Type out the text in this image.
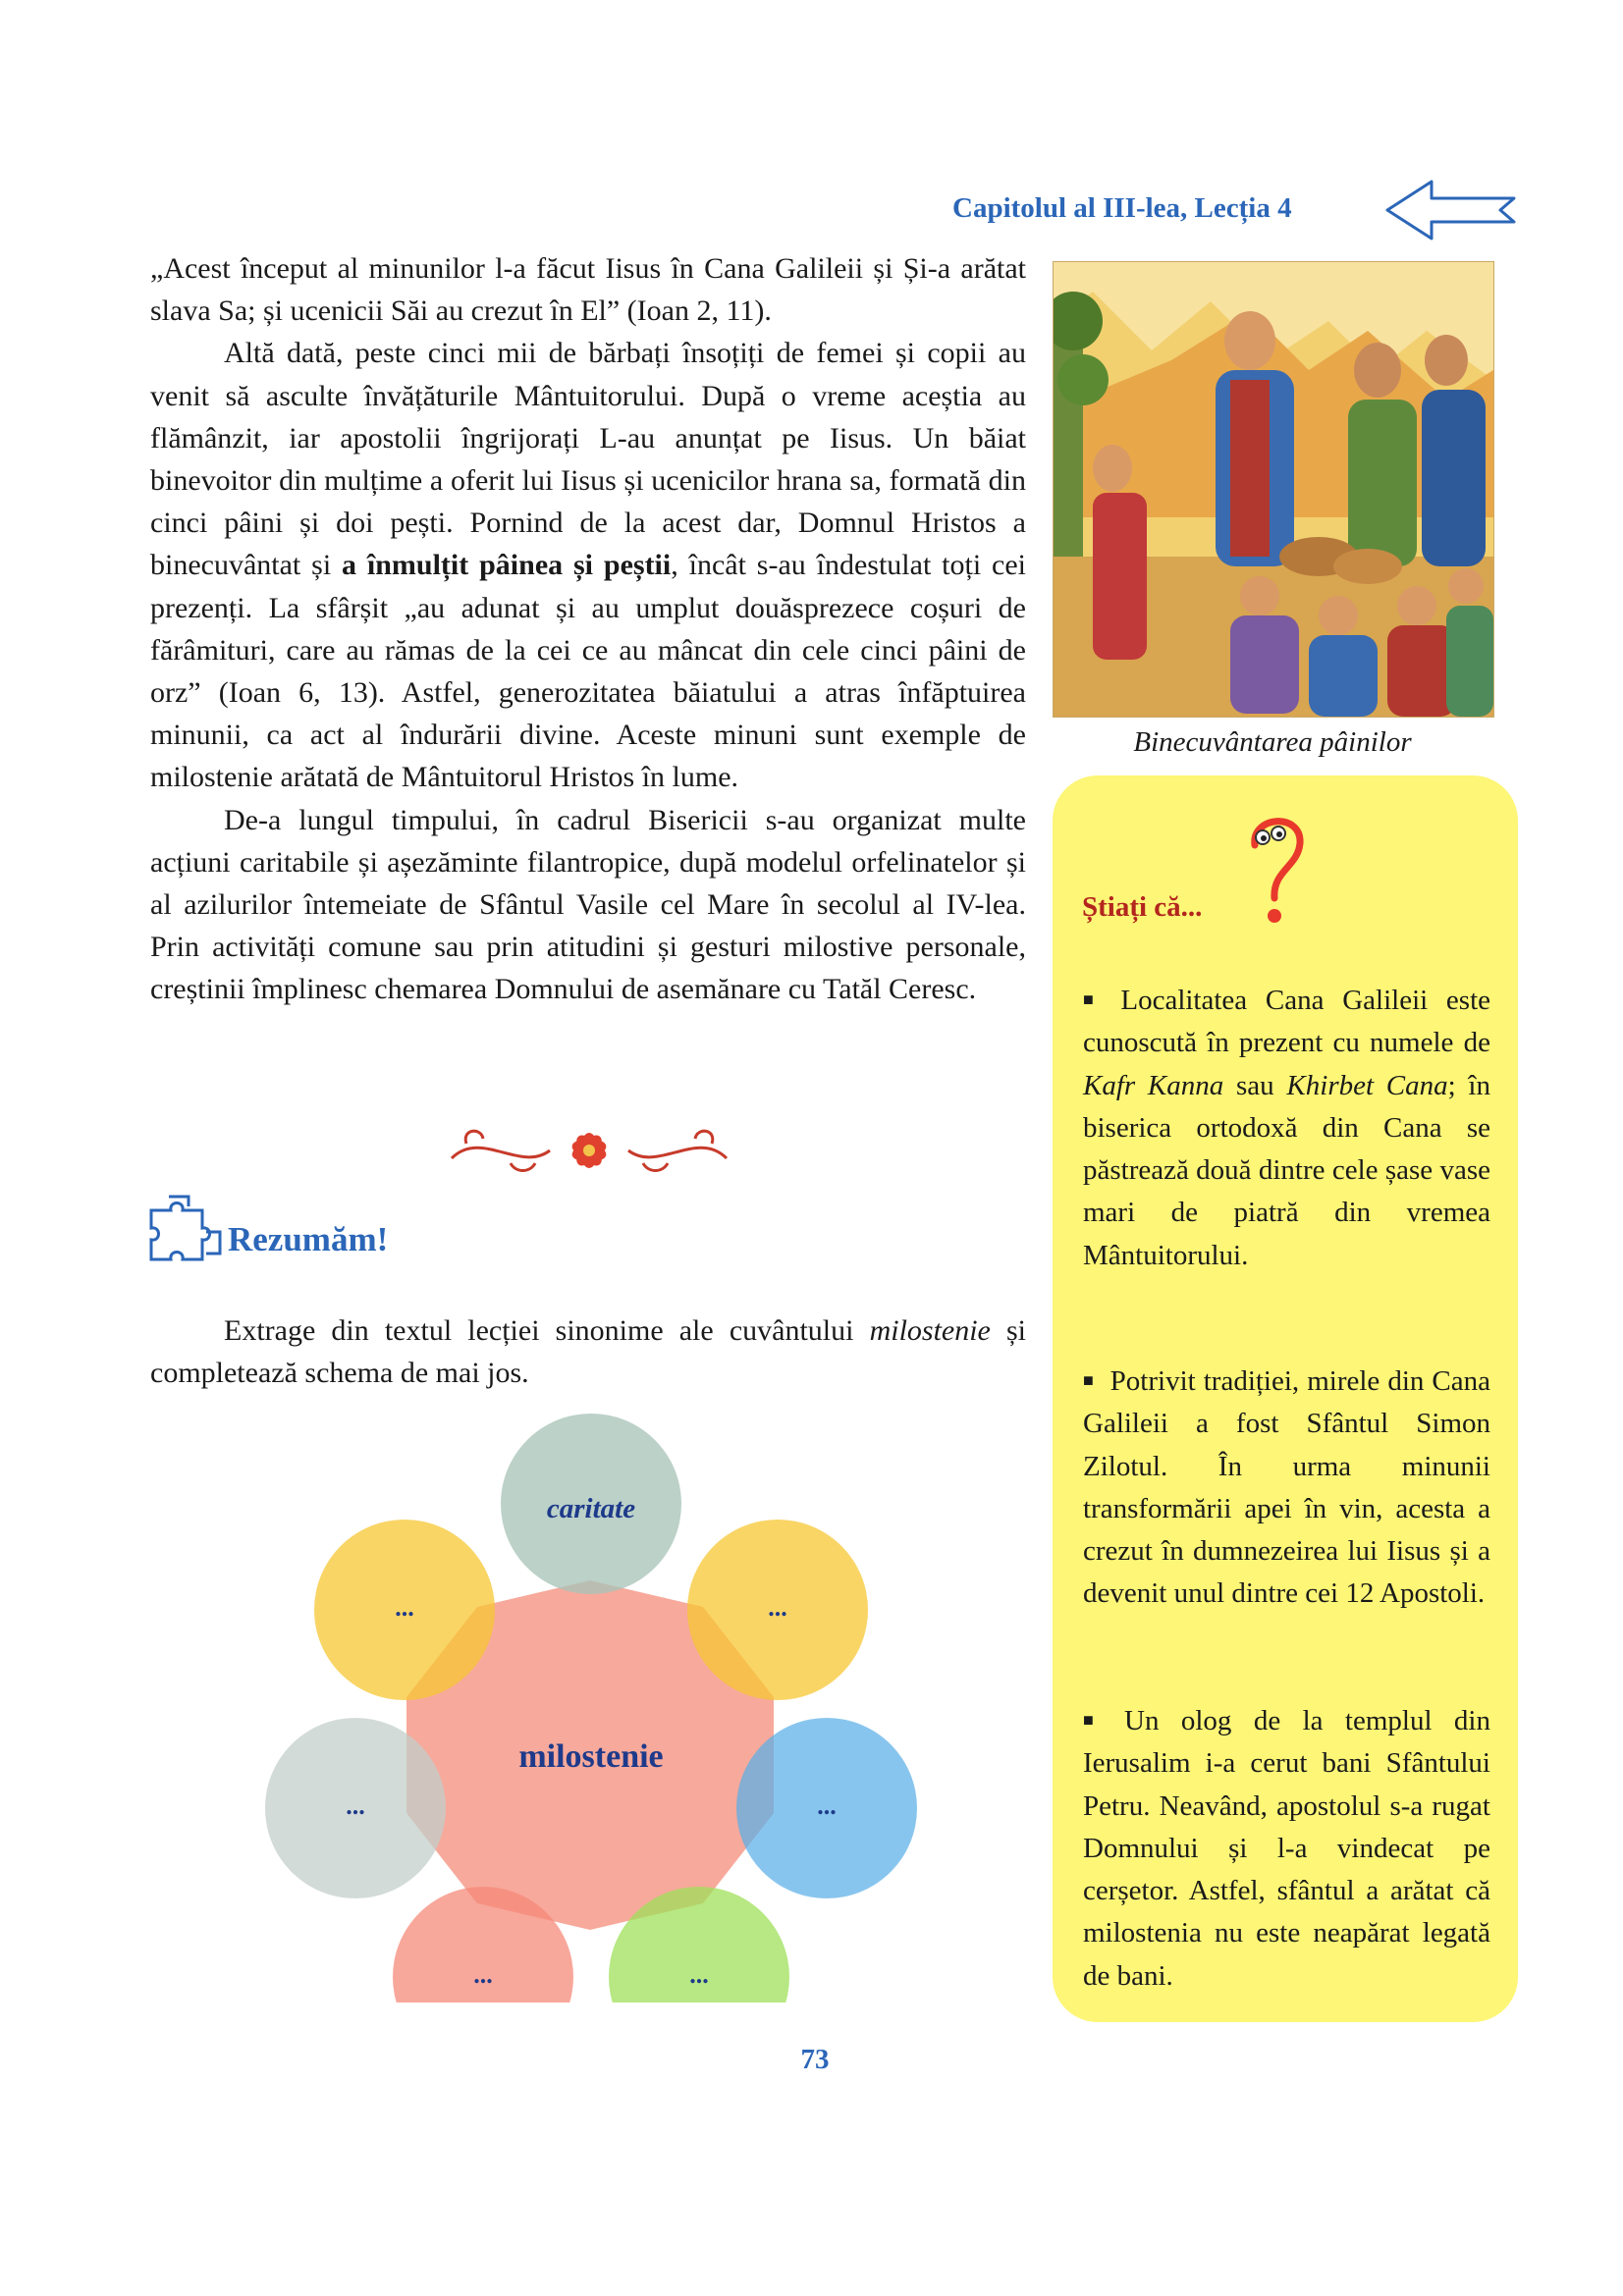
Capitolul al III-lea, Lecția 4

„Acest început al minunilor l-a făcut Iisus în Cana Galileii și Și-a arătat slava Sa; și ucenicii Săi au crezut în El” (Ioan 2, 11).

Altă dată, peste cinci mii de bărbați însoțiți de femei și copii au venit să asculte învățăturile Mântuitorului. După o vreme aceștia au flămânzit, iar apostolii îngrijorați L-au anunțat pe Iisus. Un băiat binevoitor din mulțime a oferit lui Iisus și ucenicilor hrana sa, formată din cinci pâini și doi pești. Pornind de la acest dar, Domnul Hristos a binecuvântat și a înmulțit pâinea și peștii, încât s-au îndestulat toți cei prezenți. La sfârșit „au adunat și au umplut douăsprezece coșuri de fărâmituri, care au rămas de la cei ce au mâncat din cele cinci pâini de orz” (Ioan 6, 13). Astfel, generozitatea băiatului a atras înfăptuirea minunii, ca act al îndurării divine. Aceste minuni sunt exemple de milostenie arătată de Mântuitorul Hristos în lume.

De-a lungul timpului, în cadrul Bisericii s-au organizat multe acțiuni caritabile și așezăminte filantropice, după modelul orfelinatelor și al azilurilor întemeiate de Sfântul Vasile cel Mare în secolul al IV-lea. Prin activități comune sau prin atitudini și gesturi milostive personale, creștinii împlinesc chemarea Domnului de asemănare cu Tatăl Ceresc.

Binecuvântarea pâinilor
Știați că...

■ Localitatea Cana Galileii este cunoscută în prezent cu numele de Kafr Kanna sau Khirbet Cana; în biserica ortodoxă din Cana se păstrează două dintre cele șase vase mari de piatră din vremea Mântuitorului.

■ Potrivit tradiției, mirele din Cana Galileii a fost Sfântul Simon Zilotul. În urma minunii transformării apei în vin, acesta a crezut în dumnezeirea lui Iisus și a devenit unul dintre cei 12 Apostoli.

■ Un olog de la templul din Ierusalim i-a cerut bani Sfântului Petru. Neavând, apostolul s-a rugat Domnului și l-a vindecat pe cerșetor. Astfel, sfântul a arătat că milostenia nu este neapărat legată de bani.

Rezumăm!

Extrage din textul lecției sinonime ale cuvântului milostenie și completează schema de mai jos.

milostenie
caritate
...	...
...	...
...	...
73
